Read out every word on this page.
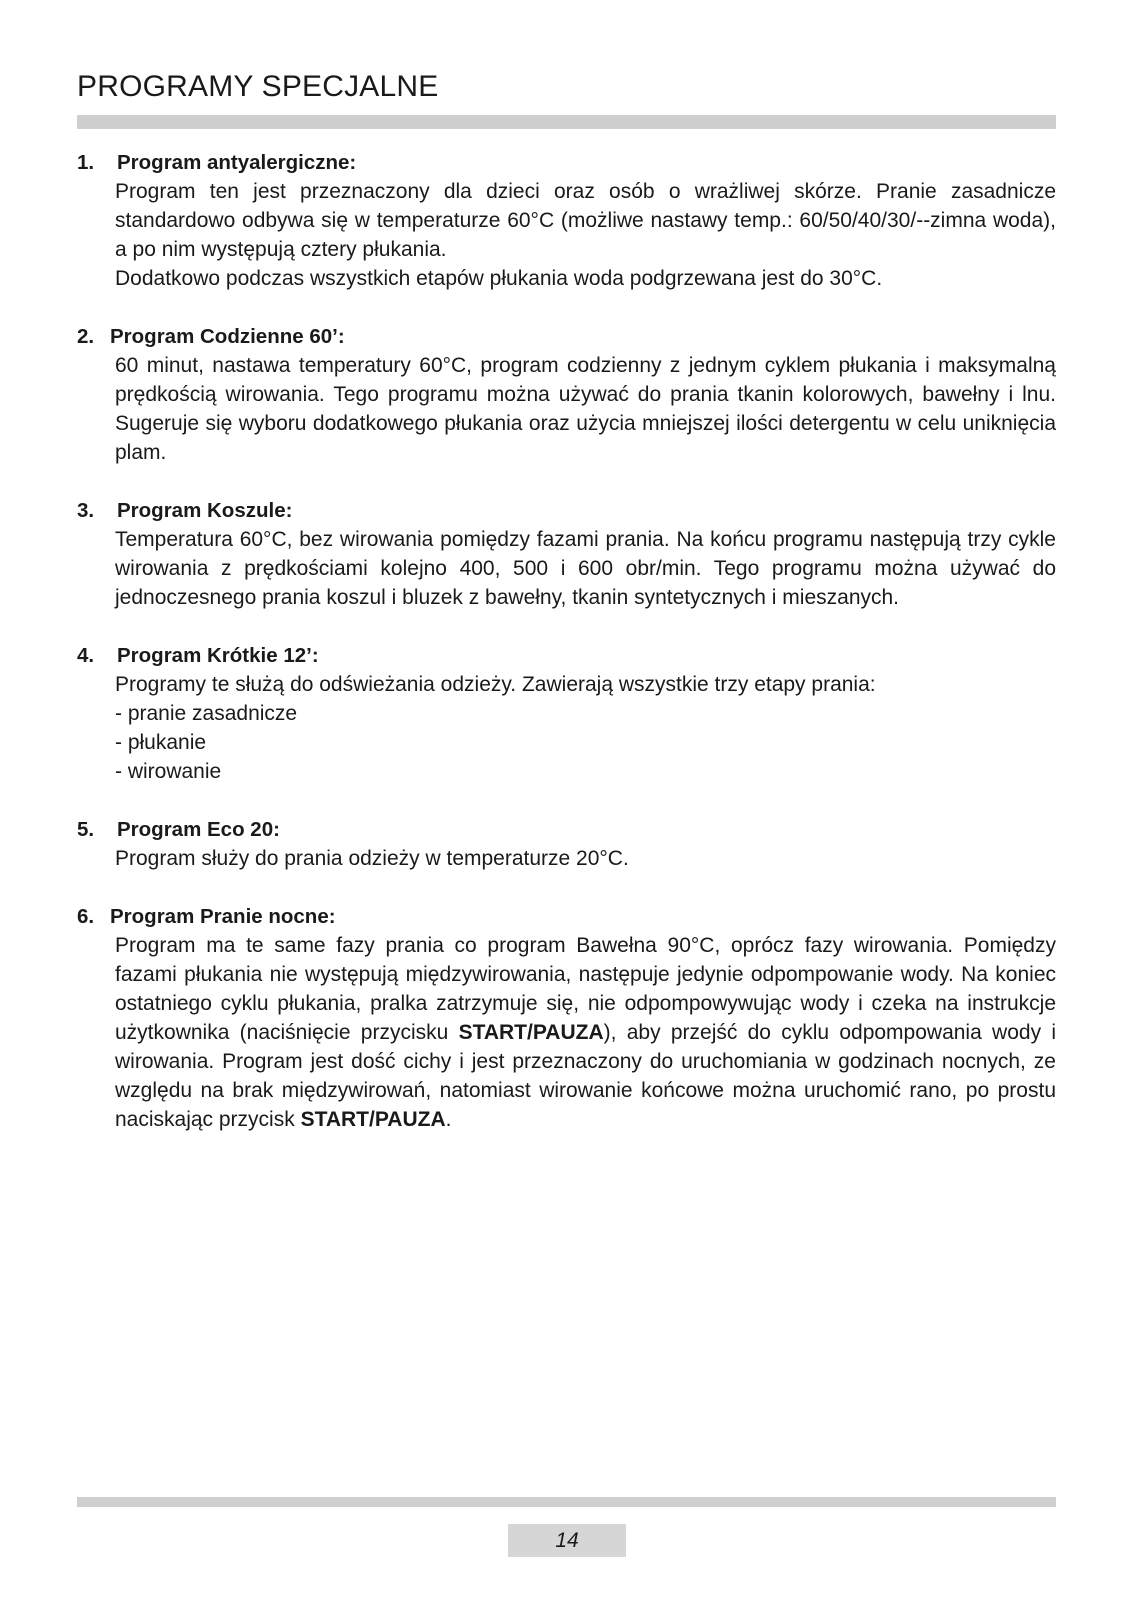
PROGRAMY SPECJALNE

1. Program antyalergiczne:

Program ten jest przeznaczony dla dzieci oraz osób o wrażliwej skórze. Pranie zasadnicze standardowo odbywa się w temperaturze 60°C (możliwe nastawy temp.: 60/50/40/30/--zimna woda), a po nim występują cztery płukania.

Dodatkowo podczas wszystkich etapów płukania woda podgrzewana jest do 30°C.

2. Program Codzienne 60’:

60 minut, nastawa temperatury 60°C, program codzienny z jednym cyklem płukania i maksymalną prędkością wirowania. Tego programu można używać do prania tkanin kolorowych, bawełny i lnu. Sugeruje się wyboru dodatkowego płukania oraz użycia mniejszej ilości detergentu w celu uniknięcia plam.

3. Program Koszule:

Temperatura 60°C, bez wirowania pomiędzy fazami prania. Na końcu programu następują trzy cykle wirowania z prędkościami kolejno 400, 500 i 600 obr/min. Tego programu można używać do jednoczesnego prania koszul i bluzek z bawełny, tkanin syntetycznych i mieszanych.

4. Program Krótkie 12’:

Programy te służą do odświeżania odzieży. Zawierają wszystkie trzy etapy prania:

- pranie zasadnicze
- płukanie
- wirowanie

5. Program Eco 20:

Program służy do prania odzieży w temperaturze 20°C.

6. Program Pranie nocne:

Program ma te same fazy prania co program Bawełna 90°C, oprócz fazy wirowania. Pomiędzy fazami płukania nie występują międzywirowania, następuje jedynie odpompowanie wody. Na koniec ostatniego cyklu płukania, pralka zatrzymuje się, nie odpompowywując wody i czeka na instrukcje użytkownika (naciśnięcie przycisku START/PAUZA), aby przejść do cyklu odpompowania wody i wirowania. Program jest dość cichy i jest przeznaczony do uruchomiania w godzinach nocnych, ze względu na brak międzywirowań, natomiast wirowanie końcowe można uruchomić rano, po prostu naciskając przycisk START/PAUZA.

14
